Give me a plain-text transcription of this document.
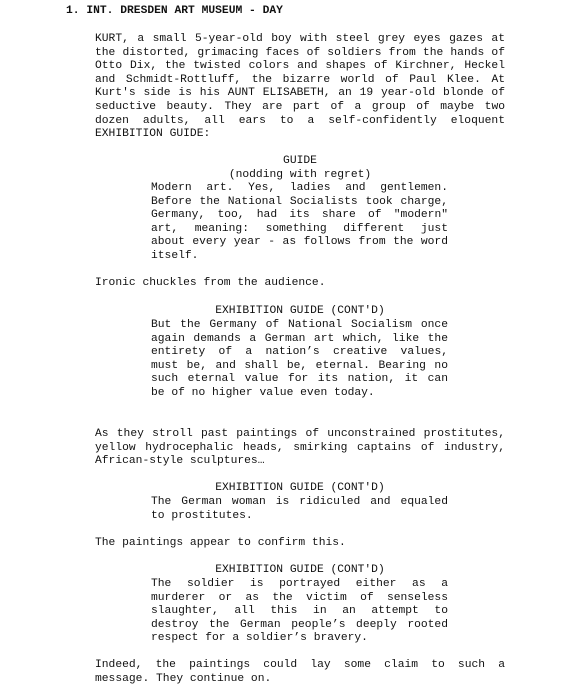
1. INT. DRESDEN ART MUSEUM - DAY
KURT, a small 5-year-old boy with steel grey eyes gazes at the distorted, grimacing faces of soldiers from the hands of Otto Dix, the twisted colors and shapes of Kirchner, Heckel and Schmidt-Rottluff, the bizarre world of Paul Klee. At Kurt's side is his AUNT ELISABETH, an 19 year-old blonde of seductive beauty. They are part of a group of maybe two dozen adults, all ears to a self-confidently eloquent EXHIBITION GUIDE:
GUIDE
(nodding with regret)
Modern art. Yes, ladies and gentlemen. Before the National Socialists took charge, Germany, too, had its share of "modern" art, meaning: something different just about every year - as follows from the word itself.
Ironic chuckles from the audience.
EXHIBITION GUIDE (CONT'D)
But the Germany of National Socialism once again demands a German art which, like the entirety of a nation’s creative values, must be, and shall be, eternal. Bearing no such eternal value for its nation, it can be of no higher value even today.
As they stroll past paintings of unconstrained prostitutes, yellow hydrocephalic heads, smirking captains of industry, African-style sculptures…
EXHIBITION GUIDE (CONT'D)
The German woman is ridiculed and equaled to prostitutes.
The paintings appear to confirm this.
EXHIBITION GUIDE (CONT'D)
The soldier is portrayed either as a murderer or as the victim of senseless slaughter, all this in an attempt to destroy the German people’s deeply rooted respect for a soldier’s bravery.
Indeed, the paintings could lay some claim to such a message. They continue on.
